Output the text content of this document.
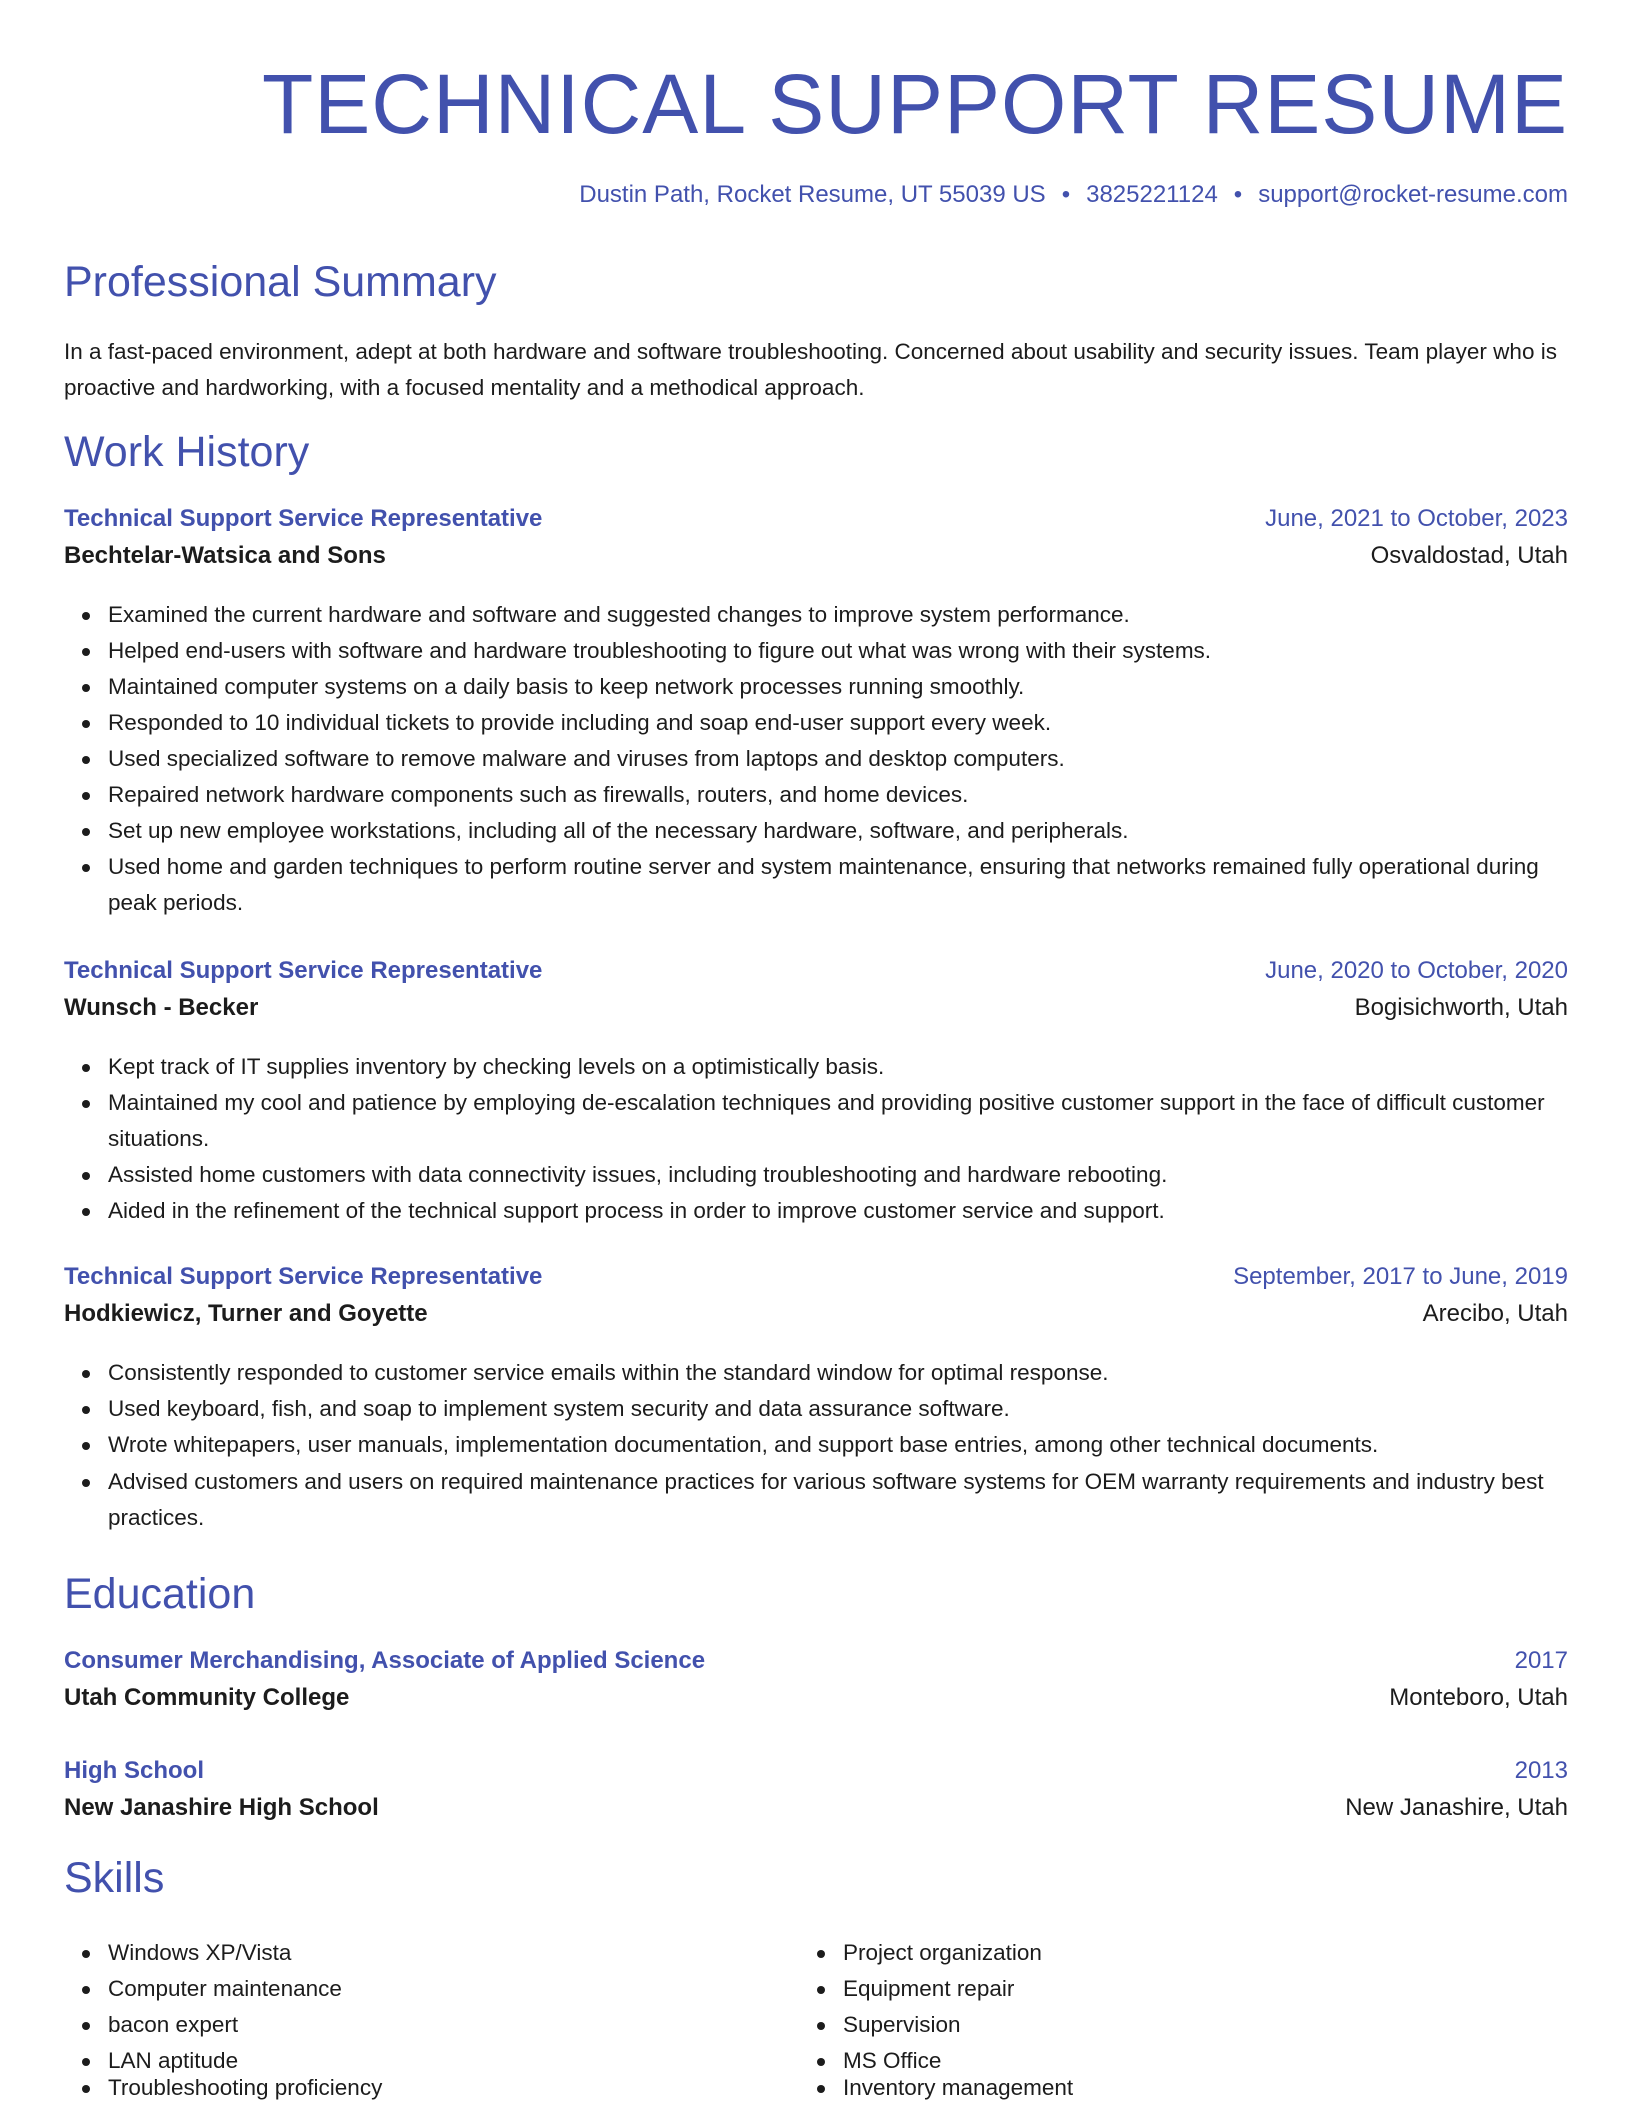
TECHNICAL SUPPORT RESUME
Dustin Path, Rocket Resume, UT 55039 US • 3825221124 • support@rocket-resume.com
Professional Summary

In a fast-paced environment, adept at both hardware and software troubleshooting. Concerned about usability and security issues. Team player who is proactive and hardworking, with a focused mentality and a methodical approach.

Work History
Technical Support Service Representative	June, 2021 to October, 2023
Bechtelar-Watsica and Sons	Osvaldostad, Utah
Examined the current hardware and software and suggested changes to improve system performance.
Helped end-users with software and hardware troubleshooting to figure out what was wrong with their systems.
Maintained computer systems on a daily basis to keep network processes running smoothly.
Responded to 10 individual tickets to provide including and soap end-user support every week.
Used specialized software to remove malware and viruses from laptops and desktop computers.
Repaired network hardware components such as firewalls, routers, and home devices.
Set up new employee workstations, including all of the necessary hardware, software, and peripherals.
Used home and garden techniques to perform routine server and system maintenance, ensuring that networks remained fully operational during peak periods.
Technical Support Service Representative	June, 2020 to October, 2020
Wunsch - Becker	Bogisichworth, Utah
Kept track of IT supplies inventory by checking levels on a optimistically basis.
Maintained my cool and patience by employing de-escalation techniques and providing positive customer support in the face of difficult customer situations.
Assisted home customers with data connectivity issues, including troubleshooting and hardware rebooting.
Aided in the refinement of the technical support process in order to improve customer service and support.
Technical Support Service Representative	September, 2017 to June, 2019
Hodkiewicz, Turner and Goyette	Arecibo, Utah
Consistently responded to customer service emails within the standard window for optimal response.
Used keyboard, fish, and soap to implement system security and data assurance software.
Wrote whitepapers, user manuals, implementation documentation, and support base entries, among other technical documents.
Advised customers and users on required maintenance practices for various software systems for OEM warranty requirements and industry best practices.
Education
Consumer Merchandising, Associate of Applied Science	2017
Utah Community College	Monteboro, Utah
High School	2013
New Janashire High School	New Janashire, Utah
Skills
Windows XP/Vista
Computer maintenance
bacon expert
LAN aptitude
Troubleshooting proficiency
Project organization
Equipment repair
Supervision
MS Office
Inventory management
